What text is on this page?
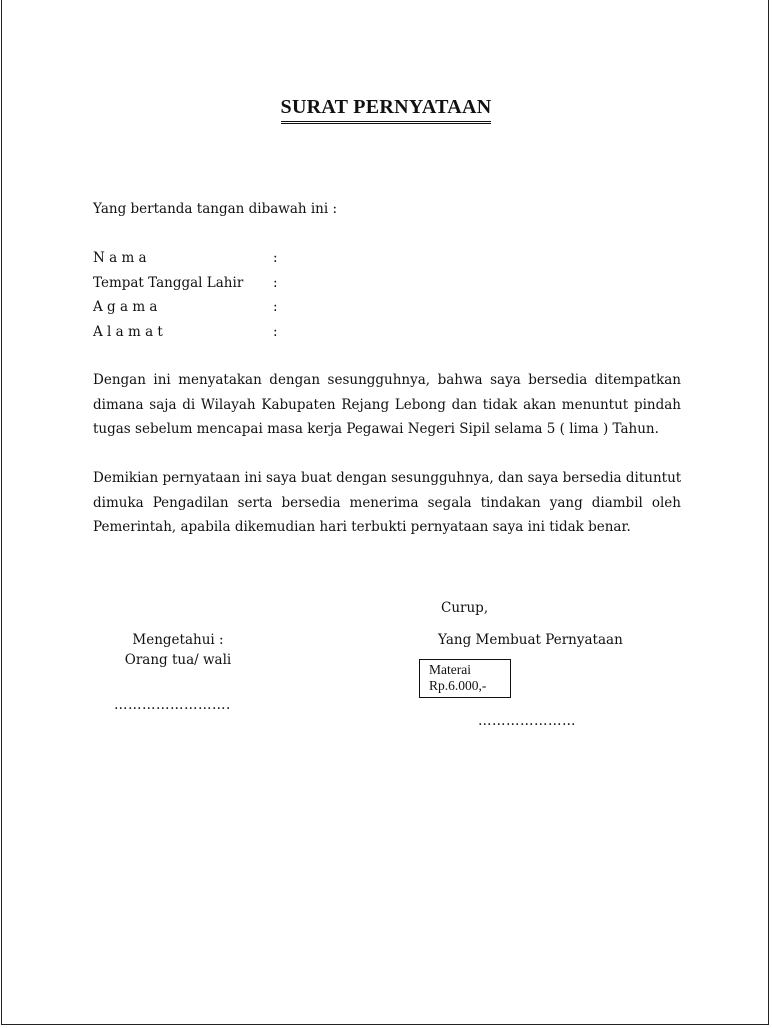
SURAT PERNYATAAN
Yang bertanda tangan dibawah ini :
N a m a	:
Tempat Tanggal Lahir :
A g a m a	:
A l a m a t	:
Dengan ini menyatakan dengan sesungguhnya, bahwa saya bersedia ditempatkan
dimana saja di Wilayah Kabupaten Rejang Lebong dan tidak akan menuntut pindah
tugas sebelum mencapai masa kerja Pegawai Negeri Sipil selama 5 ( lima ) Tahun.
Demikian pernyataan ini saya buat dengan sesungguhnya, dan saya bersedia dituntut
dimuka Pengadilan serta bersedia menerima segala tindakan yang diambil oleh
Pemerintah, apabila dikemudian hari terbukti pernyataan saya ini tidak benar.
Curup,
Mengetahui :
Orang tua/ wali
Yang Membuat Pernyataan
Materai
Rp.6.000,-
…………………….
…………………
